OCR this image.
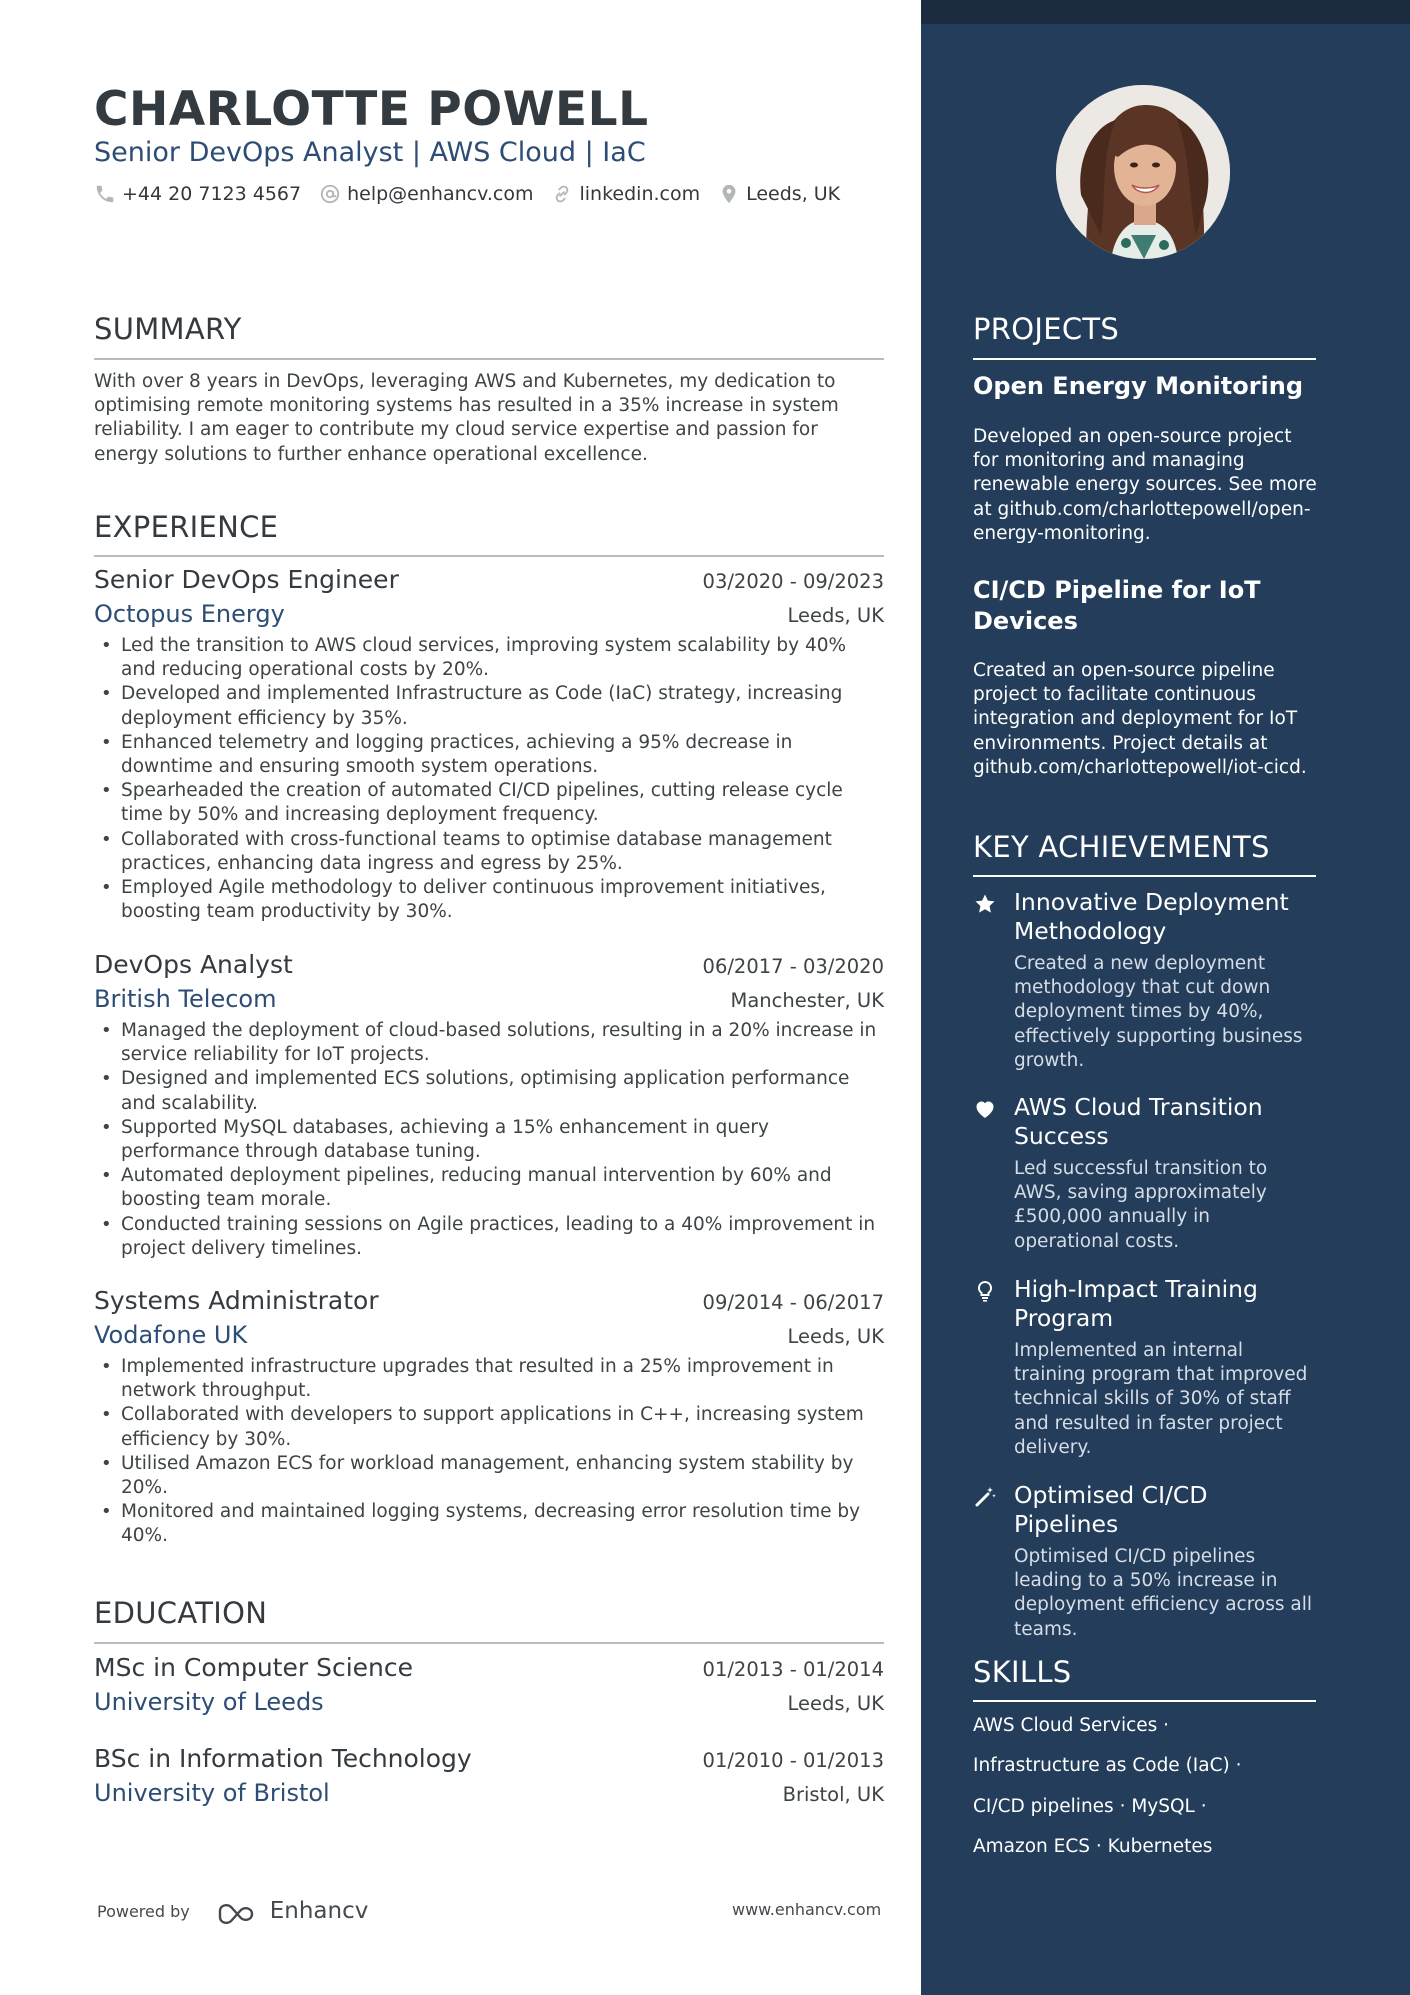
CHARLOTTE POWELL
Senior DevOps Analyst | AWS Cloud | IaC
+44 20 7123 4567 help@enhancv.com linkedin.com Leeds, UK
SUMMARY
With over 8 years in DevOps, leveraging AWS and Kubernetes, my dedication to optimising remote monitoring systems has resulted in a 35% increase in system reliability. I am eager to contribute my cloud service expertise and passion for energy solutions to further enhance operational excellence.
EXPERIENCE
Senior DevOps Engineer	03/2020 - 09/2023
Octopus Energy	Leeds, UK
• Led the transition to AWS cloud services, improving system scalability by 40% and reducing operational costs by 20%.
• Developed and implemented Infrastructure as Code (IaC) strategy, increasing deployment efficiency by 35%.
• Enhanced telemetry and logging practices, achieving a 95% decrease in downtime and ensuring smooth system operations.
• Spearheaded the creation of automated CI/CD pipelines, cutting release cycle time by 50% and increasing deployment frequency.
• Collaborated with cross-functional teams to optimise database management practices, enhancing data ingress and egress by 25%.
• Employed Agile methodology to deliver continuous improvement initiatives, boosting team productivity by 30%.
DevOps Analyst	06/2017 - 03/2020
British Telecom	Manchester, UK
• Managed the deployment of cloud-based solutions, resulting in a 20% increase in service reliability for IoT projects.
• Designed and implemented ECS solutions, optimising application performance and scalability.
• Supported MySQL databases, achieving a 15% enhancement in query performance through database tuning.
• Automated deployment pipelines, reducing manual intervention by 60% and boosting team morale.
• Conducted training sessions on Agile practices, leading to a 40% improvement in project delivery timelines.
Systems Administrator	09/2014 - 06/2017
Vodafone UK	Leeds, UK
• Implemented infrastructure upgrades that resulted in a 25% improvement in network throughput.
• Collaborated with developers to support applications in C++, increasing system efficiency by 30%.
• Utilised Amazon ECS for workload management, enhancing system stability by 20%.
• Monitored and maintained logging systems, decreasing error resolution time by 40%.
EDUCATION
MSc in Computer Science	01/2013 - 01/2014
University of Leeds	Leeds, UK
BSc in Information Technology	01/2010 - 01/2013
University of Bristol	Bristol, UK
Powered by	Enhancv	www.enhancv.com
PROJECTS
Open Energy Monitoring
Developed an open-source project for monitoring and managing renewable energy sources. See more at github.com/charlottepowell/open-energy-monitoring.
CI/CD Pipeline for IoT Devices
Created an open-source pipeline project to facilitate continuous integration and deployment for IoT environments. Project details at github.com/charlottepowell/iot-cicd.
KEY ACHIEVEMENTS
Innovative Deployment Methodology
Created a new deployment methodology that cut down deployment times by 40%, effectively supporting business growth.
AWS Cloud Transition Success
Led successful transition to AWS, saving approximately £500,000 annually in operational costs.
High-Impact Training Program
Implemented an internal training program that improved technical skills of 30% of staff and resulted in faster project delivery.
Optimised CI/CD Pipelines
Optimised CI/CD pipelines leading to a 50% increase in deployment efficiency across all teams.
SKILLS
AWS Cloud Services ·
Infrastructure as Code (IaC) ·
CI/CD pipelines · MySQL ·
Amazon ECS · Kubernetes
